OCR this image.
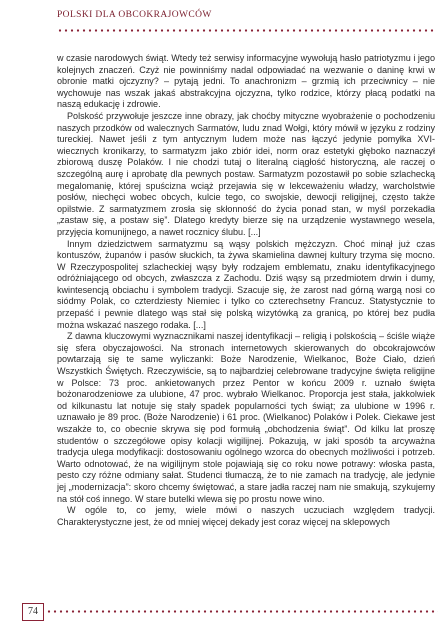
POLSKI DLA OBCOKRAJOWCÓW

w czasie narodowych świąt. Wtedy też serwisy informacyjne wywołują hasło patriotyzmu i jego kolejnych znaczeń. Czyż nie powinniśmy nadal odpowiadać na wezwanie o daninę krwi w obronie matki ojczyzny? – pytają jedni. To anachronizm – grzmią ich przeciwnicy – nie wychowuje nas wszak jakaś abstrakcyjna ojczyzna, tylko rodzice, którzy płacą podatki na naszą edukację i zdrowie.

Polskość przywołuje jeszcze inne obrazy, jak choćby mityczne wyobrażenie o pochodzeniu naszych przodków od walecznych Sarmatów, ludu znad Wołgi, który mówił w języku z rodziny tureckiej. Nawet jeśli z tym antycznym ludem może nas łączyć jedynie pomyłka XVI-wiecznych kronikarzy, to sarmatyzm jako zbiór idei, norm oraz estetyki głęboko naznaczył zbiorową duszę Polaków. I nie chodzi tutaj o literalną ciągłość historyczną, ale raczej o szczególną aurę i aprobatę dla pewnych postaw. Sarmatyzm pozostawił po sobie szlachecką megalomanię, której spuścizna wciąż przejawia się w lekceważeniu władzy, warcholstwie posłów, niechęci wobec obcych, kulcie tego, co swojskie, dewocji religijnej, często także opilstwie. Z sarmatyzmem zrosła się skłonność do życia ponad stan, w myśl porzekadła „zastaw się, a postaw się”. Dlatego kredyty bierze się na urządzenie wystawnego wesela, przyjęcia komunijnego, a nawet rocznicy ślubu. [...]

Innym dziedzictwem sarmatyzmu są wąsy polskich mężczyzn. Choć minął już czas kontuszów, żupanów i pasów słuckich, ta żywa skamielina dawnej kultury trzyma się mocno. W Rzeczypospolitej szlacheckiej wąsy były rodzajem emblematu, znaku identyfikacyjnego odróżniającego od obcych, zwłaszcza z Zachodu. Dziś wąsy są przedmiotem drwin i dumy, kwintesencją obciachu i symbolem tradycji. Szacuje się, że zarost nad górną wargą nosi co siódmy Polak, co czterdziesty Niemiec i tylko co czterechsetny Francuz. Statystycznie to przepaść i pewnie dlatego wąs stał się polską wizytówką za granicą, po której bez pudła można wskazać naszego rodaka. [...]

Z dawna kluczowymi wyznacznikami naszej identyfikacji – religią i polskością – ściśle wiąże się sfera obyczajowości. Na stronach internetowych skierowanych do obcokrajowców powtarzają się te same wyliczanki: Boże Narodzenie, Wielkanoc, Boże Ciało, dzień Wszystkich Świętych. Rzeczywiście, są to najbardziej celebrowane tradycyjne święta religijne w Polsce: 73 proc. ankietowanych przez Pentor w końcu 2009 r. uznało święta bożonarodzeniowe za ulubione, 47 proc. wybrało Wielkanoc. Proporcja jest stała, jakkolwiek od kilkunastu lat notuje się stały spadek popularności tych świąt; za ulubione w 1996 r. uznawało je 89 proc. (Boże Narodzenie) i 61 proc. (Wielkanoc) Polaków i Polek. Ciekawe jest wszakże to, co obecnie skrywa się pod formułą „obchodzenia świąt”. Od kilku lat proszę studentów o szczegółowe opisy kolacji wigilijnej. Pokazują, w jaki sposób ta arcyważna tradycja ulega modyfikacji: dostosowaniu ogólnego wzorca do obecnych możliwości i potrzeb. Warto odnotować, że na wigilijnym stole pojawiają się co roku nowe potrawy: włoska pasta, pesto czy różne odmiany sałat. Studenci tłumaczą, że to nie zamach na tradycję, ale jedynie jej „modernizacja”: skoro chcemy świętować, a stare jadła raczej nam nie smakują, szykujemy na stół coś innego. W stare butelki wlewa się po prostu nowe wino.

W ogóle to, co jemy, wiele mówi o naszych uczuciach względem tradycji. Charakterystyczne jest, że od mniej więcej dekady jest coraz więcej na sklepowych

74
